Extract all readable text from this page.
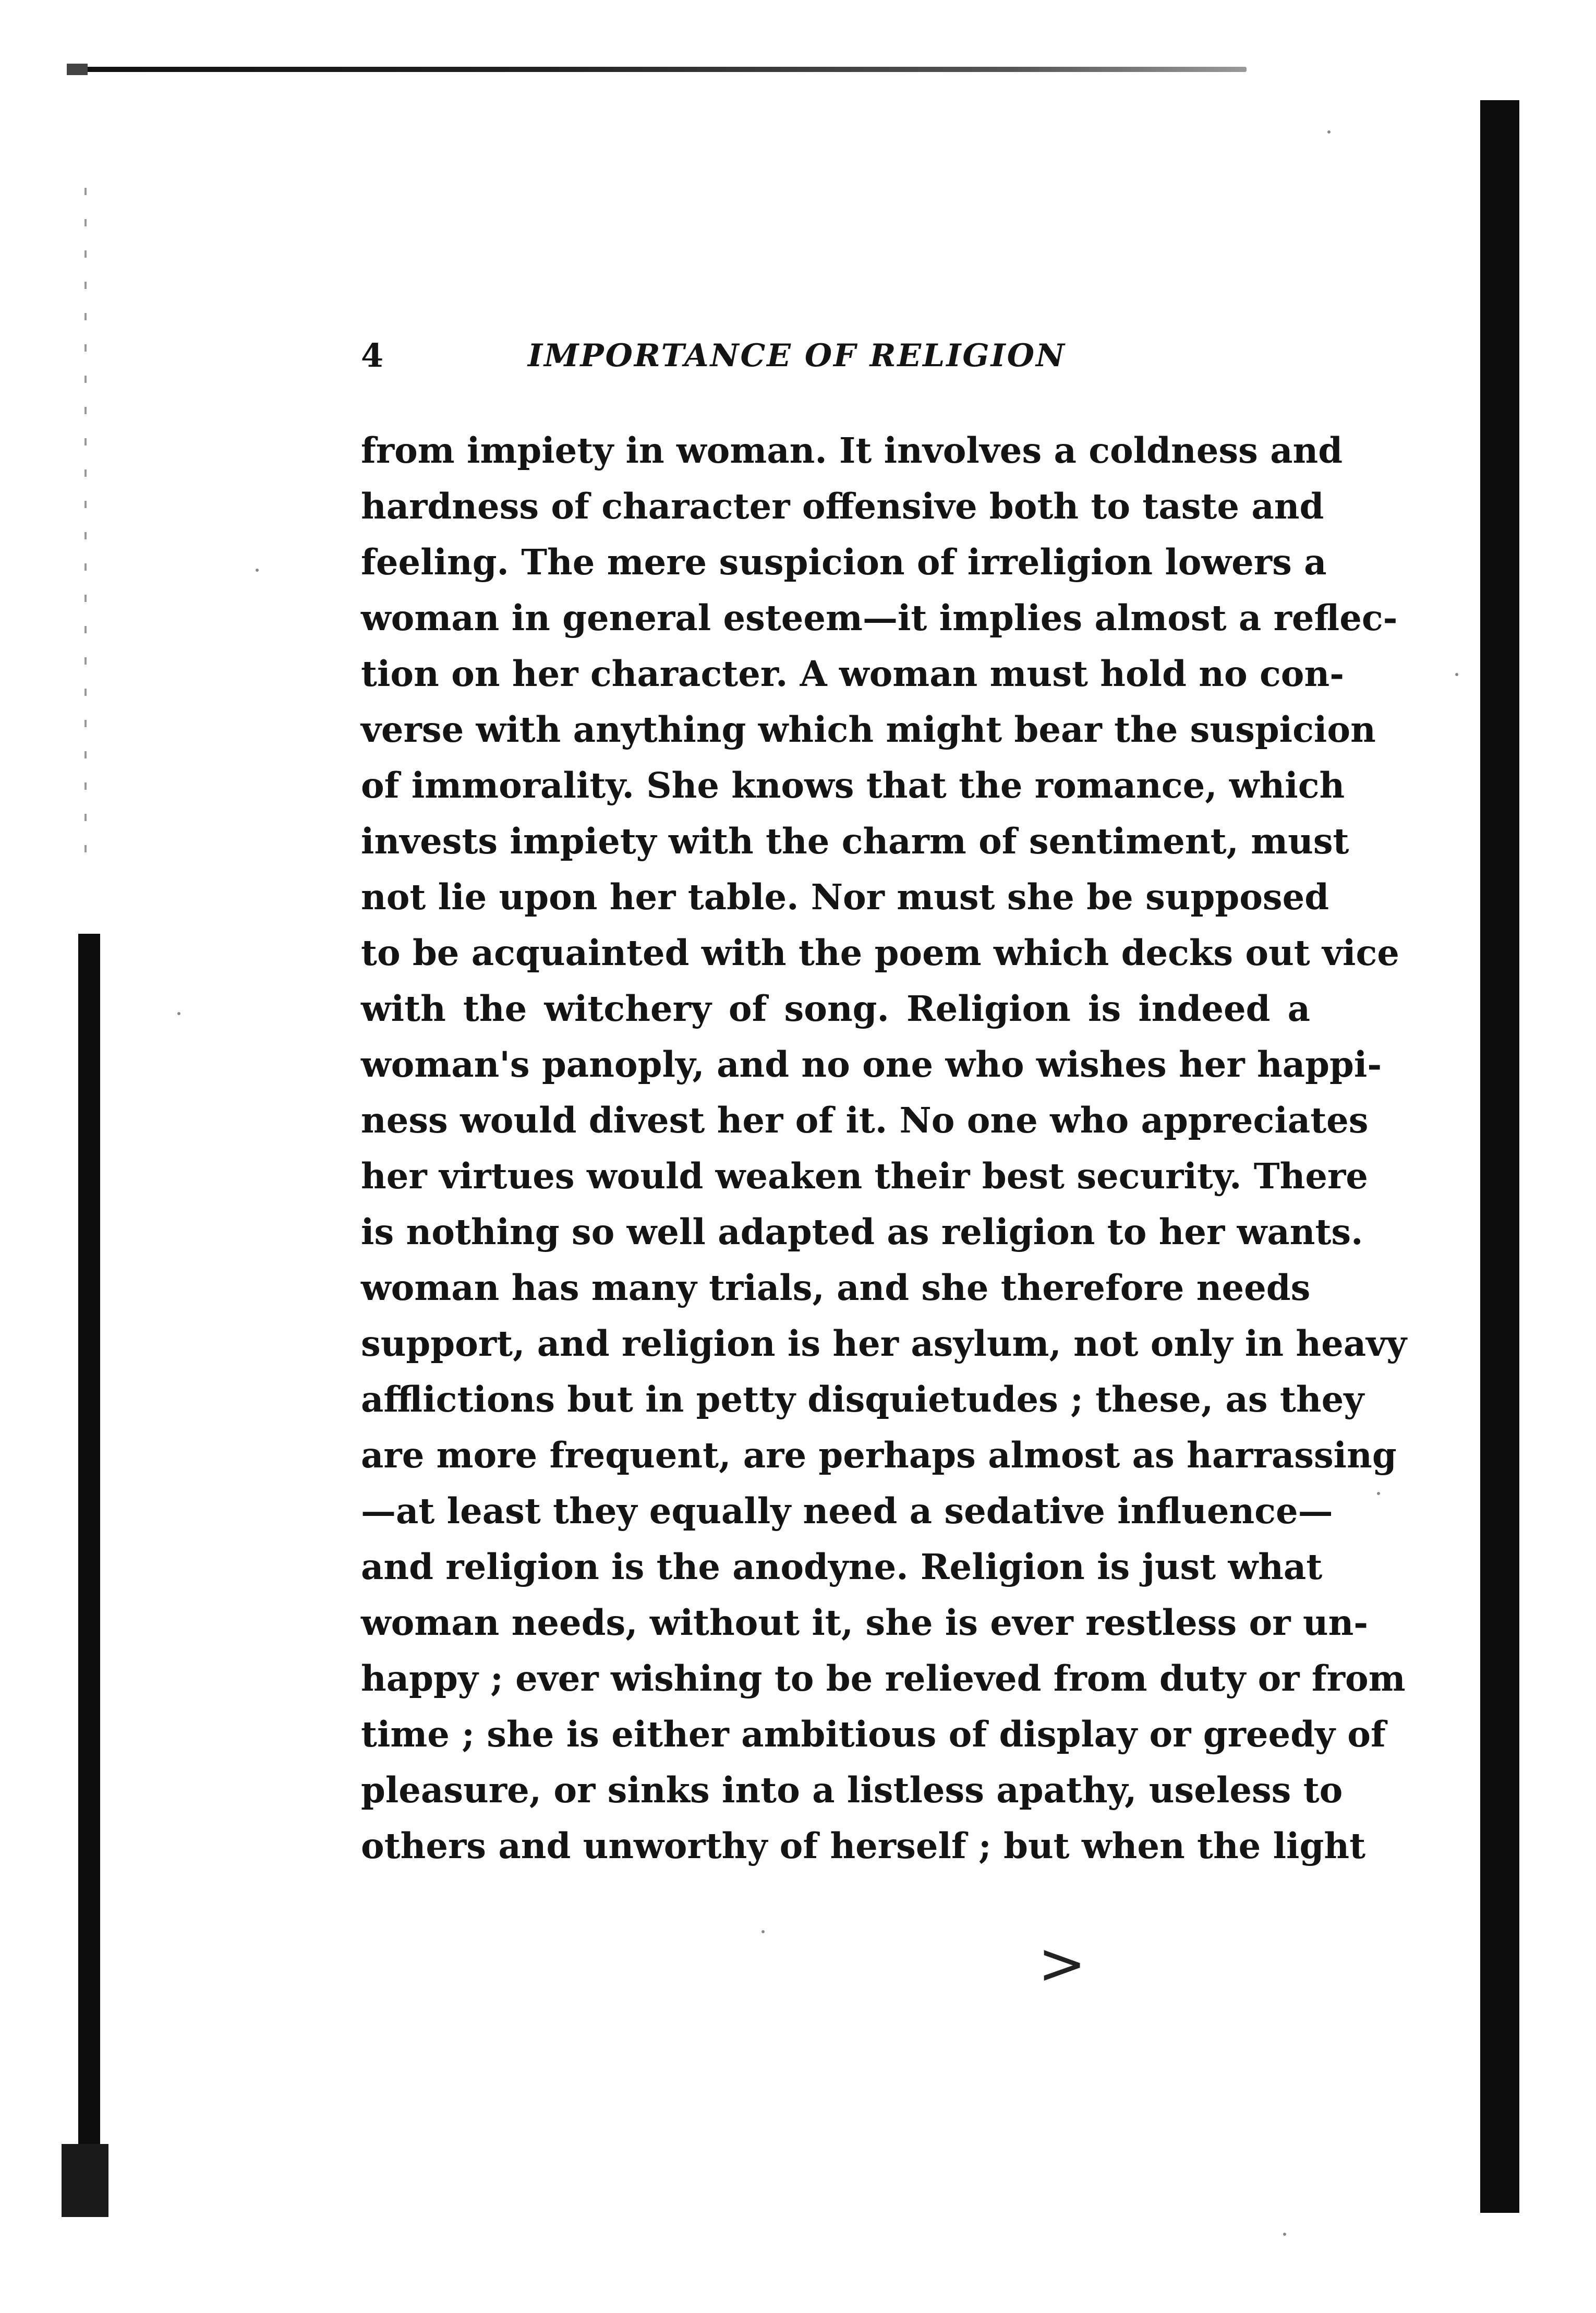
4	IMPORTANCE OF RELIGION
from impiety in woman. It involves a coldness and
hardness of character offensive both to taste and
feeling. The mere suspicion of irreligion lowers a
woman in general esteem—it implies almost a reflec-
tion on her character. A woman must hold no con-
verse with anything which might bear the suspicion
of immorality. She knows that the romance, which
invests impiety with the charm of sentiment, must
not lie upon her table. Nor must she be supposed
to be acquainted with the poem which decks out vice
with the witchery of song. Religion is indeed a
woman's panoply, and no one who wishes her happi-
ness would divest her of it. No one who appreciates
her virtues would weaken their best security. There
is nothing so well adapted as religion to her wants.
woman has many trials, and she therefore needs
support, and religion is her asylum, not only in heavy
afflictions but in petty disquietudes ; these, as they
are more frequent, are perhaps almost as harrassing
—at least they equally need a sedative influence—
and religion is the anodyne. Religion is just what
woman needs, without it, she is ever restless or un-
happy ; ever wishing to be relieved from duty or from
time ; she is either ambitious of display or greedy of
pleasure, or sinks into a listless apathy, useless to
others and unworthy of herself ; but when the light
>
